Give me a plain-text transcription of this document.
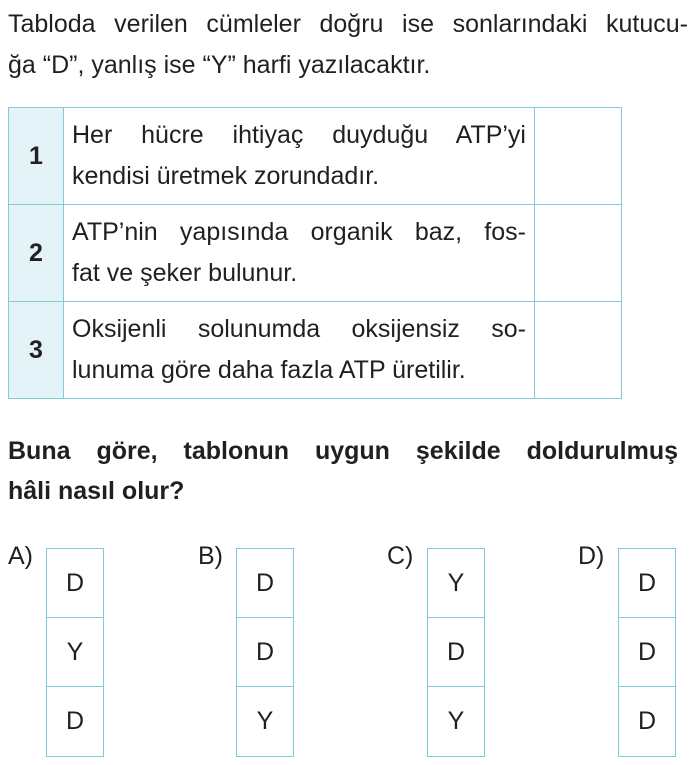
Tabloda verilen cümleler doğru ise sonlarındaki kutucu-
ğa “D”, yanlış ise “Y” harfi yazılacaktır.

1	Her hücre ihtiyaç duyduğu ATP’yi
kendisi üretmek zorundadır.	

2	ATP’nin yapısında organik baz, fos-
fat ve şeker bulunur.	

3	Oksijenli solunumda oksijensiz so-
lunuma göre daha fazla ATP üretilir.	

Buna göre, tablonun uygun şekilde doldurulmuş
hâli nasıl olur?

A)
D
Y
D
B)
D
D
Y
C)
Y
D
Y
D)
D
D
D
